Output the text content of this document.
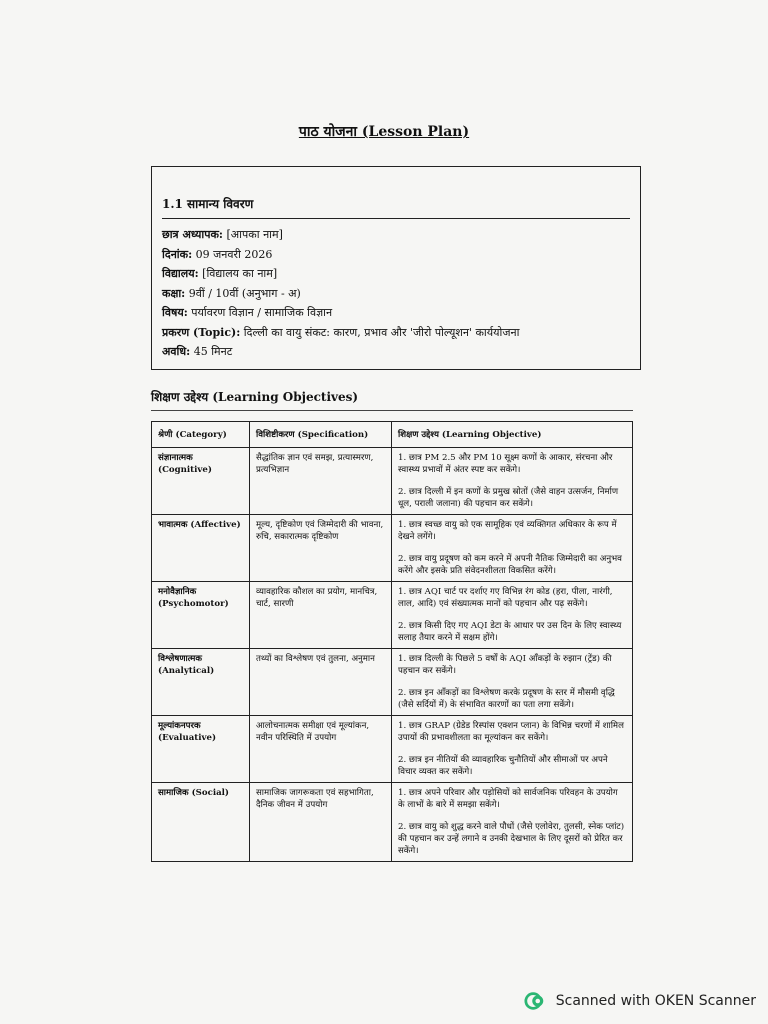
पाठ योजना (Lesson Plan)
1.1 सामान्य विवरण
छात्र अध्यापक: [आपका नाम]
दिनांक: 09 जनवरी 2026
विद्यालय: [विद्यालय का नाम]
कक्षा: 9वीं / 10वीं (अनुभाग - अ)
विषय: पर्यावरण विज्ञान / सामाजिक विज्ञान
प्रकरण (Topic): दिल्ली का वायु संकट: कारण, प्रभाव और 'जीरो पोल्यूशन' कार्ययोजना
अवधि: 45 मिनट
शिक्षण उद्देश्य (Learning Objectives)
श्रेणी (Category)	विशिष्टीकरण (Specification)	शिक्षण उद्देश्य (Learning Objective)
संज्ञानात्मक (Cognitive)	सैद्धांतिक ज्ञान एवं समझ, प्रत्यास्मरण, प्रत्यभिज्ञान	1. छात्र PM 2.5 और PM 10 सूक्ष्म कणों के आकार, संरचना और स्वास्थ्य प्रभावों में अंतर स्पष्ट कर सकेंगे।

2. छात्र दिल्ली में इन कणों के प्रमुख स्रोतों (जैसे वाहन उत्सर्जन, निर्माण धूल, पराली जलाना) की पहचान कर सकेंगे।

भावात्मक (Affective)	मूल्य, दृष्टिकोण एवं जिम्मेदारी की भावना, रुचि, सकारात्मक दृष्टिकोण	1. छात्र स्वच्छ वायु को एक सामूहिक एवं व्यक्तिगत अधिकार के रूप में देखने लगेंगे।

2. छात्र वायु प्रदूषण को कम करने में अपनी नैतिक जिम्मेदारी का अनुभव करेंगे और इसके प्रति संवेदनशीलता विकसित करेंगे।

मनोवैज्ञानिक (Psychomotor)	व्यावहारिक कौशल का प्रयोग, मानचित्र, चार्ट, सारणी	1. छात्र AQI चार्ट पर दर्शाए गए विभिन्न रंग कोड (हरा, पीला, नारंगी, लाल, आदि) एवं संख्यात्मक मानों को पहचान और पढ़ सकेंगे।

2. छात्र किसी दिए गए AQI डेटा के आधार पर उस दिन के लिए स्वास्थ्य सलाह तैयार करने में सक्षम होंगे।

विश्लेषणात्मक (Analytical)	तथ्यों का विश्लेषण एवं तुलना, अनुमान	1. छात्र दिल्ली के पिछले 5 वर्षों के AQI आँकड़ों के रुझान (ट्रेंड) की पहचान कर सकेंगे।

2. छात्र इन आँकड़ों का विश्लेषण करके प्रदूषण के स्तर में मौसमी वृद्धि (जैसे सर्दियों में) के संभावित कारणों का पता लगा सकेंगे।

मूल्यांकनपरक (Evaluative)	आलोचनात्मक समीक्षा एवं मूल्यांकन, नवीन परिस्थिति में उपयोग	1. छात्र GRAP (ग्रेडेड रिस्पांस एक्शन प्लान) के विभिन्न चरणों में शामिल उपायों की प्रभावशीलता का मूल्यांकन कर सकेंगे।

2. छात्र इन नीतियों की व्यावहारिक चुनौतियों और सीमाओं पर अपने विचार व्यक्त कर सकेंगे।

सामाजिक (Social)	सामाजिक जागरूकता एवं सहभागिता, दैनिक जीवन में उपयोग	1. छात्र अपने परिवार और पड़ोसियों को सार्वजनिक परिवहन के उपयोग के लाभों के बारे में समझा सकेंगे।

2. छात्र वायु को शुद्ध करने वाले पौधों (जैसे एलोवेरा, तुलसी, स्नेक प्लांट) की पहचान कर उन्हें लगाने व उनकी देखभाल के लिए दूसरों को प्रेरित कर सकेंगे।

Scanned with OKEN Scanner
